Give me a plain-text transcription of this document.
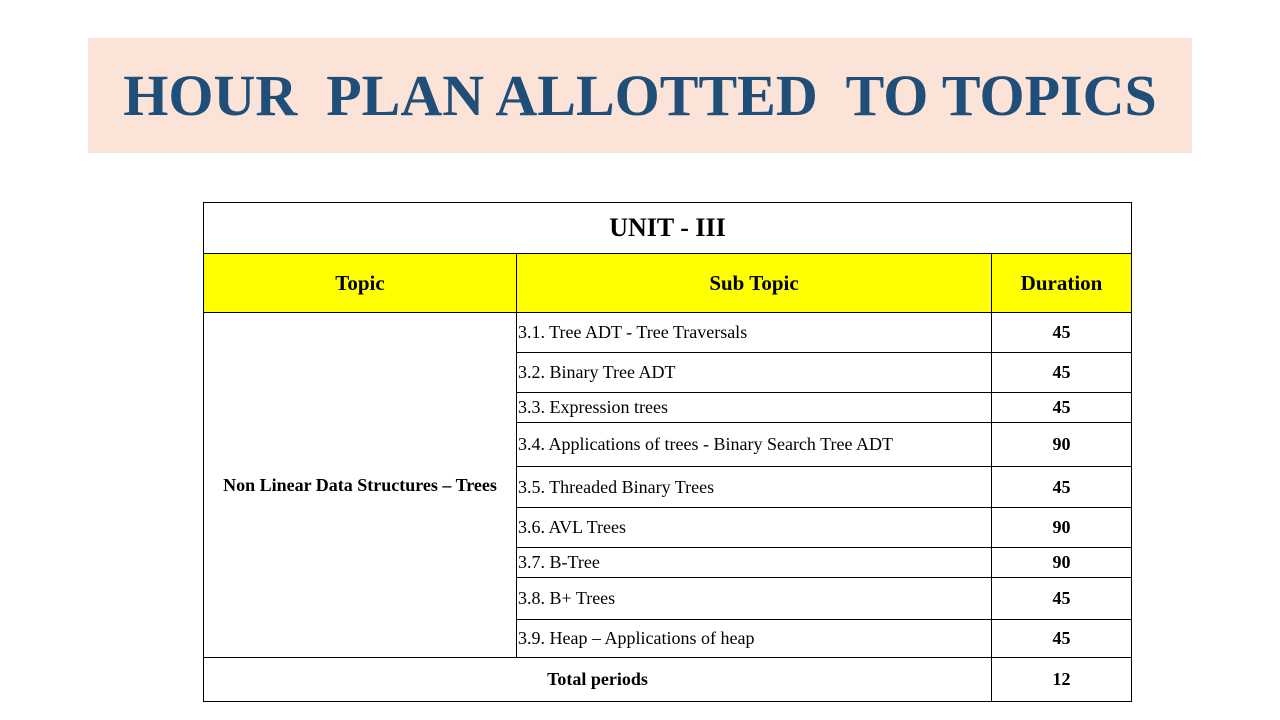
HOUR  PLAN ALLOTTED  TO TOPICS
UNIT - III		
Topic	Sub Topic	Duration
Non Linear Data Structures – Trees	3.1. Tree ADT - Tree Traversals	45
	3.2. Binary Tree ADT	45
	3.3. Expression trees	45
	3.4. Applications of trees - Binary Search Tree ADT	90
	3.5. Threaded Binary Trees	45
	3.6. AVL Trees	90
	3.7. B-Tree	90
	3.8. B+ Trees	45
	3.9. Heap – Applications of heap	45
Total periods		12
